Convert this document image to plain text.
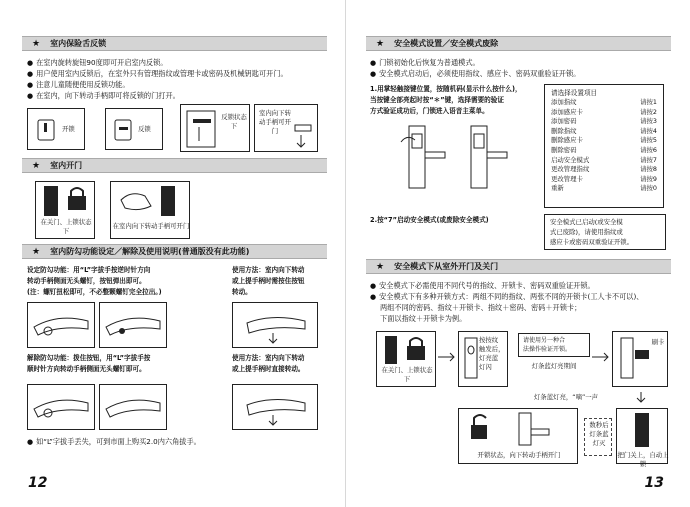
★ 室内保险舌反锁
● 在室内旋转旋钮90度即可开启室内反锁。
● 用户使用室内反锁后，在室外只有管理指纹或管理卡或密码及机械钥匙可开门。
● 注意儿童随便使用反锁功能。
● 在室内，向下转动手柄即可将反锁的门打开。
开锁	反锁
反锁状态下
室内向下转动手柄可开门
★ 室内开门
在关门、上锁状态下
在室内向下转动手柄可开门
★ 室内防勾功能设定／解除及使用说明(普通版没有此功能)
设定防勾功能：用“L”字拔手按逆时针方向
转动手柄侧面无头螺钉，按钮弹出即可。
(注：螺钉扭松即可，不必整颗螺钉完全拉出。)
使用方法：室内向下转动
或上提手柄时需按住按钮
转动。
解除防勾功能：拨住按钮，用“L”字拔手按
顺时针方向转动手柄侧面无头螺钉即可。
使用方法：室内向下转动
或上提手柄时直接转动。
● 如“L”字拔手丢失，可到市面上购买2.0内六角拔手。
12
★ 安全模式设置／安全模式废除
● 门锁初始化后恢复为普通模式。
● 安全模式启动后，必须使用指纹、感应卡、密码双重验证开锁。
1.用掌轻触接键位置，按随机码(显示什么按什么)，
当按键全部亮起时按“＊”键，选择需要的验证
方式验证成功后，门锁进入语音主菜单。
请选择设置项目
添加指纹	请按1
添加感应卡	请按2
添加密码	请按3
删除指纹	请按4
删除感应卡	请按5
删除密码	请按6
启动安全模式	请按7
更改管理指纹	请按8
更改管理卡	请按9
重新	请按0
2.按“7”启动安全模式(或废除安全模式)	安全模式已启动(或安全模
式已废除)，请使用指纹或
感应卡或密码双重验证开锁。
★ 安全模式下从室外开门及关门
● 安全模式下必需使用不同代号的指纹、开锁卡、密码双重验证开锁。
● 安全模式下有多种开锁方式：两组不同的指纹、两张不同的开锁卡(工人卡不可以)、
两组不同的密码、指纹＋开锁卡、指纹＋密码、密码＋开锁卡；
下面以指纹＋开锁卡为例。
在关门、上锁状态下
按按纹
触发后，
灯亮蓝
灯闪
请使用另一种合
法操作验证开锁。
灯条蓝灯亮期间
刷卡
灯条蓝灯亮，“嘀”一声
开锁状态，向下转动手柄开门
数秒后
灯条蓝
灯灭
把门关上，自动上锁
13
